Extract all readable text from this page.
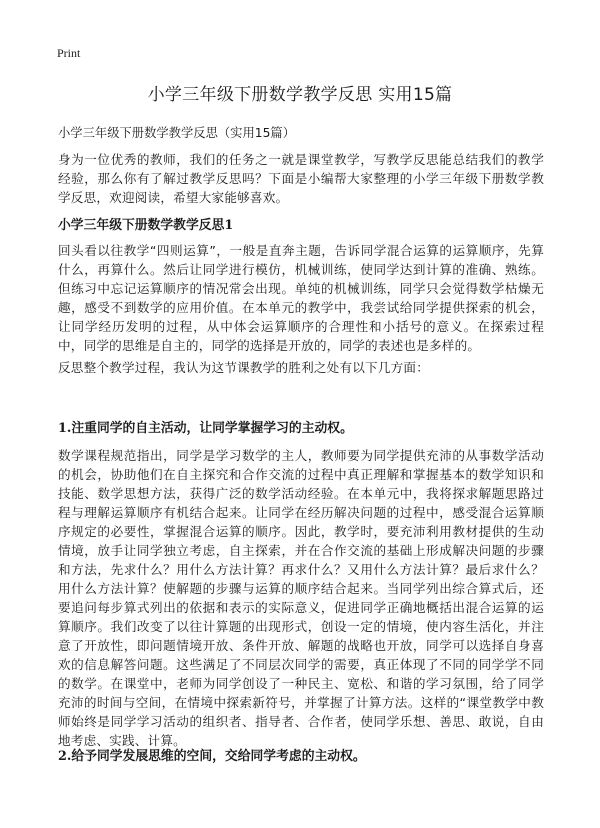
Print
小学三年级下册数学教学反思 实用15篇

小学三年级下册数学教学反思（实用15篇）

身为一位优秀的教师，我们的任务之一就是课堂教学，写教学反思能总结我们的教学经验，那么你有了解过教学反思吗？下面是小编帮大家整理的小学三年级下册数学教学反思，欢迎阅读，希望大家能够喜欢。

小学三年级下册数学教学反思1

回头看以往教学“四则运算”，一般是直奔主题，告诉同学混合运算的运算顺序，先算什么，再算什么。然后让同学进行模仿，机械训练，使同学达到计算的准确、熟练。但练习中忘记运算顺序的情况常会出现。单纯的机械训练，同学只会觉得数学枯燥无趣，感受不到数学的应用价值。在本单元的教学中，我尝试给同学提供探索的机会，让同学经历发明的过程，从中体会运算顺序的合理性和小括号的意义。在探索过程中，同学的思维是自主的，同学的选择是开放的，同学的表述也是多样的。

反思整个教学过程，我认为这节课教学的胜利之处有以下几方面：

1.注重同学的自主活动，让同学掌握学习的主动权。

数学课程规范指出，同学是学习数学的主人，教师要为同学提供充沛的从事数学活动的机会，协助他们在自主探究和合作交流的过程中真正理解和掌握基本的数学知识和技能、数学思想方法，获得广泛的数学活动经验。在本单元中，我将探求解题思路过程与理解运算顺序有机结合起来。让同学在经历解决问题的过程中，感受混合运算顺序规定的必要性，掌握混合运算的顺序。因此，教学时，要充沛利用教材提供的生动情境，放手让同学独立考虑，自主探索，并在合作交流的基础上形成解决问题的步骤和方法，先求什么？用什么方法计算？再求什么？又用什么方法计算？最后求什么？用什么方法计算？使解题的步骤与运算的顺序结合起来。当同学列出综合算式后，还要追问每步算式列出的依据和表示的实际意义，促进同学正确地概括出混合运算的运算顺序。我们改变了以往计算题的出现形式，创设一定的情境，使内容生活化，并注意了开放性，即问题情境开放、条件开放、解题的战略也开放，同学可以选择自身喜欢的信息解答问题。这些满足了不同层次同学的需要，真正体现了不同的同学学不同的数学。在课堂中，老师为同学创设了一种民主、宽松、和谐的学习氛围，给了同学充沛的时间与空间，在情境中探索新符号，并掌握了计算方法。这样的“课堂教学中教师始终是同学学习活动的组织者、指导者、合作者，使同学乐想、善思、敢说，自由地考虑、实践、计算。

2.给予同学发展思维的空间，交给同学考虑的主动权。
